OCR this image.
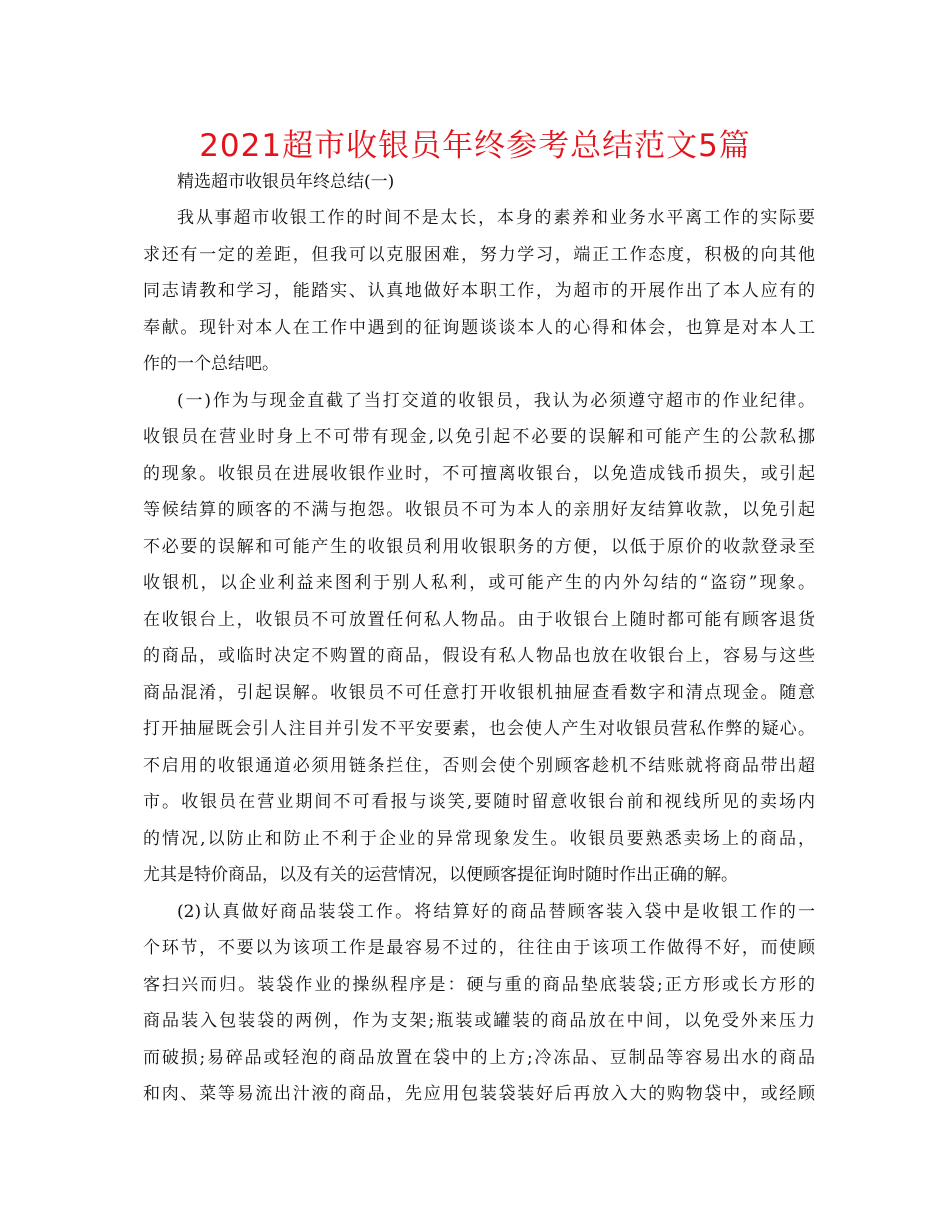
2021超市收银员年终参考总结范文5篇
精选超市收银员年终总结(一)
我从事超市收银工作的时间不是太长，本身的素养和业务水平离工作的实际要
求还有一定的差距，但我可以克服困难，努力学习，端正工作态度，积极的向其他
同志请教和学习，能踏实、认真地做好本职工作，为超市的开展作出了本人应有的
奉献。现针对本人在工作中遇到的征询题谈谈本人的心得和体会，也算是对本人工
作的一个总结吧。
(一)作为与现金直截了当打交道的收银员，我认为必须遵守超市的作业纪律。
收银员在营业时身上不可带有现金,以免引起不必要的误解和可能产生的公款私挪
的现象。收银员在进展收银作业时，不可擅离收银台，以免造成钱币损失，或引起
等候结算的顾客的不满与抱怨。收银员不可为本人的亲朋好友结算收款，以免引起
不必要的误解和可能产生的收银员利用收银职务的方便，以低于原价的收款登录至
收银机，以企业利益来图利于别人私利，或可能产生的内外勾结的“盗窃”现象。
在收银台上，收银员不可放置任何私人物品。由于收银台上随时都可能有顾客退货
的商品，或临时决定不购置的商品，假设有私人物品也放在收银台上，容易与这些
商品混淆，引起误解。收银员不可任意打开收银机抽屉查看数字和清点现金。随意
打开抽屉既会引人注目并引发不平安要素，也会使人产生对收银员营私作弊的疑心。
不启用的收银通道必须用链条拦住，否则会使个别顾客趁机不结账就将商品带出超
市。收银员在营业期间不可看报与谈笑,要随时留意收银台前和视线所见的卖场内
的情况,以防止和防止不利于企业的异常现象发生。收银员要熟悉卖场上的商品，
尤其是特价商品，以及有关的运营情况，以便顾客提征询时随时作出正确的解。
(2)认真做好商品装袋工作。将结算好的商品替顾客装入袋中是收银工作的一
个环节，不要以为该项工作是最容易不过的，往往由于该项工作做得不好，而使顾
客扫兴而归。装袋作业的操纵程序是：硬与重的商品垫底装袋;正方形或长方形的
商品装入包装袋的两例，作为支架;瓶装或罐装的商品放在中间，以免受外来压力
而破损;易碎品或轻泡的商品放置在袋中的上方;冷冻品、豆制品等容易出水的商品
和肉、菜等易流出汁液的商品，先应用包装袋装好后再放入大的购物袋中，或经顾
